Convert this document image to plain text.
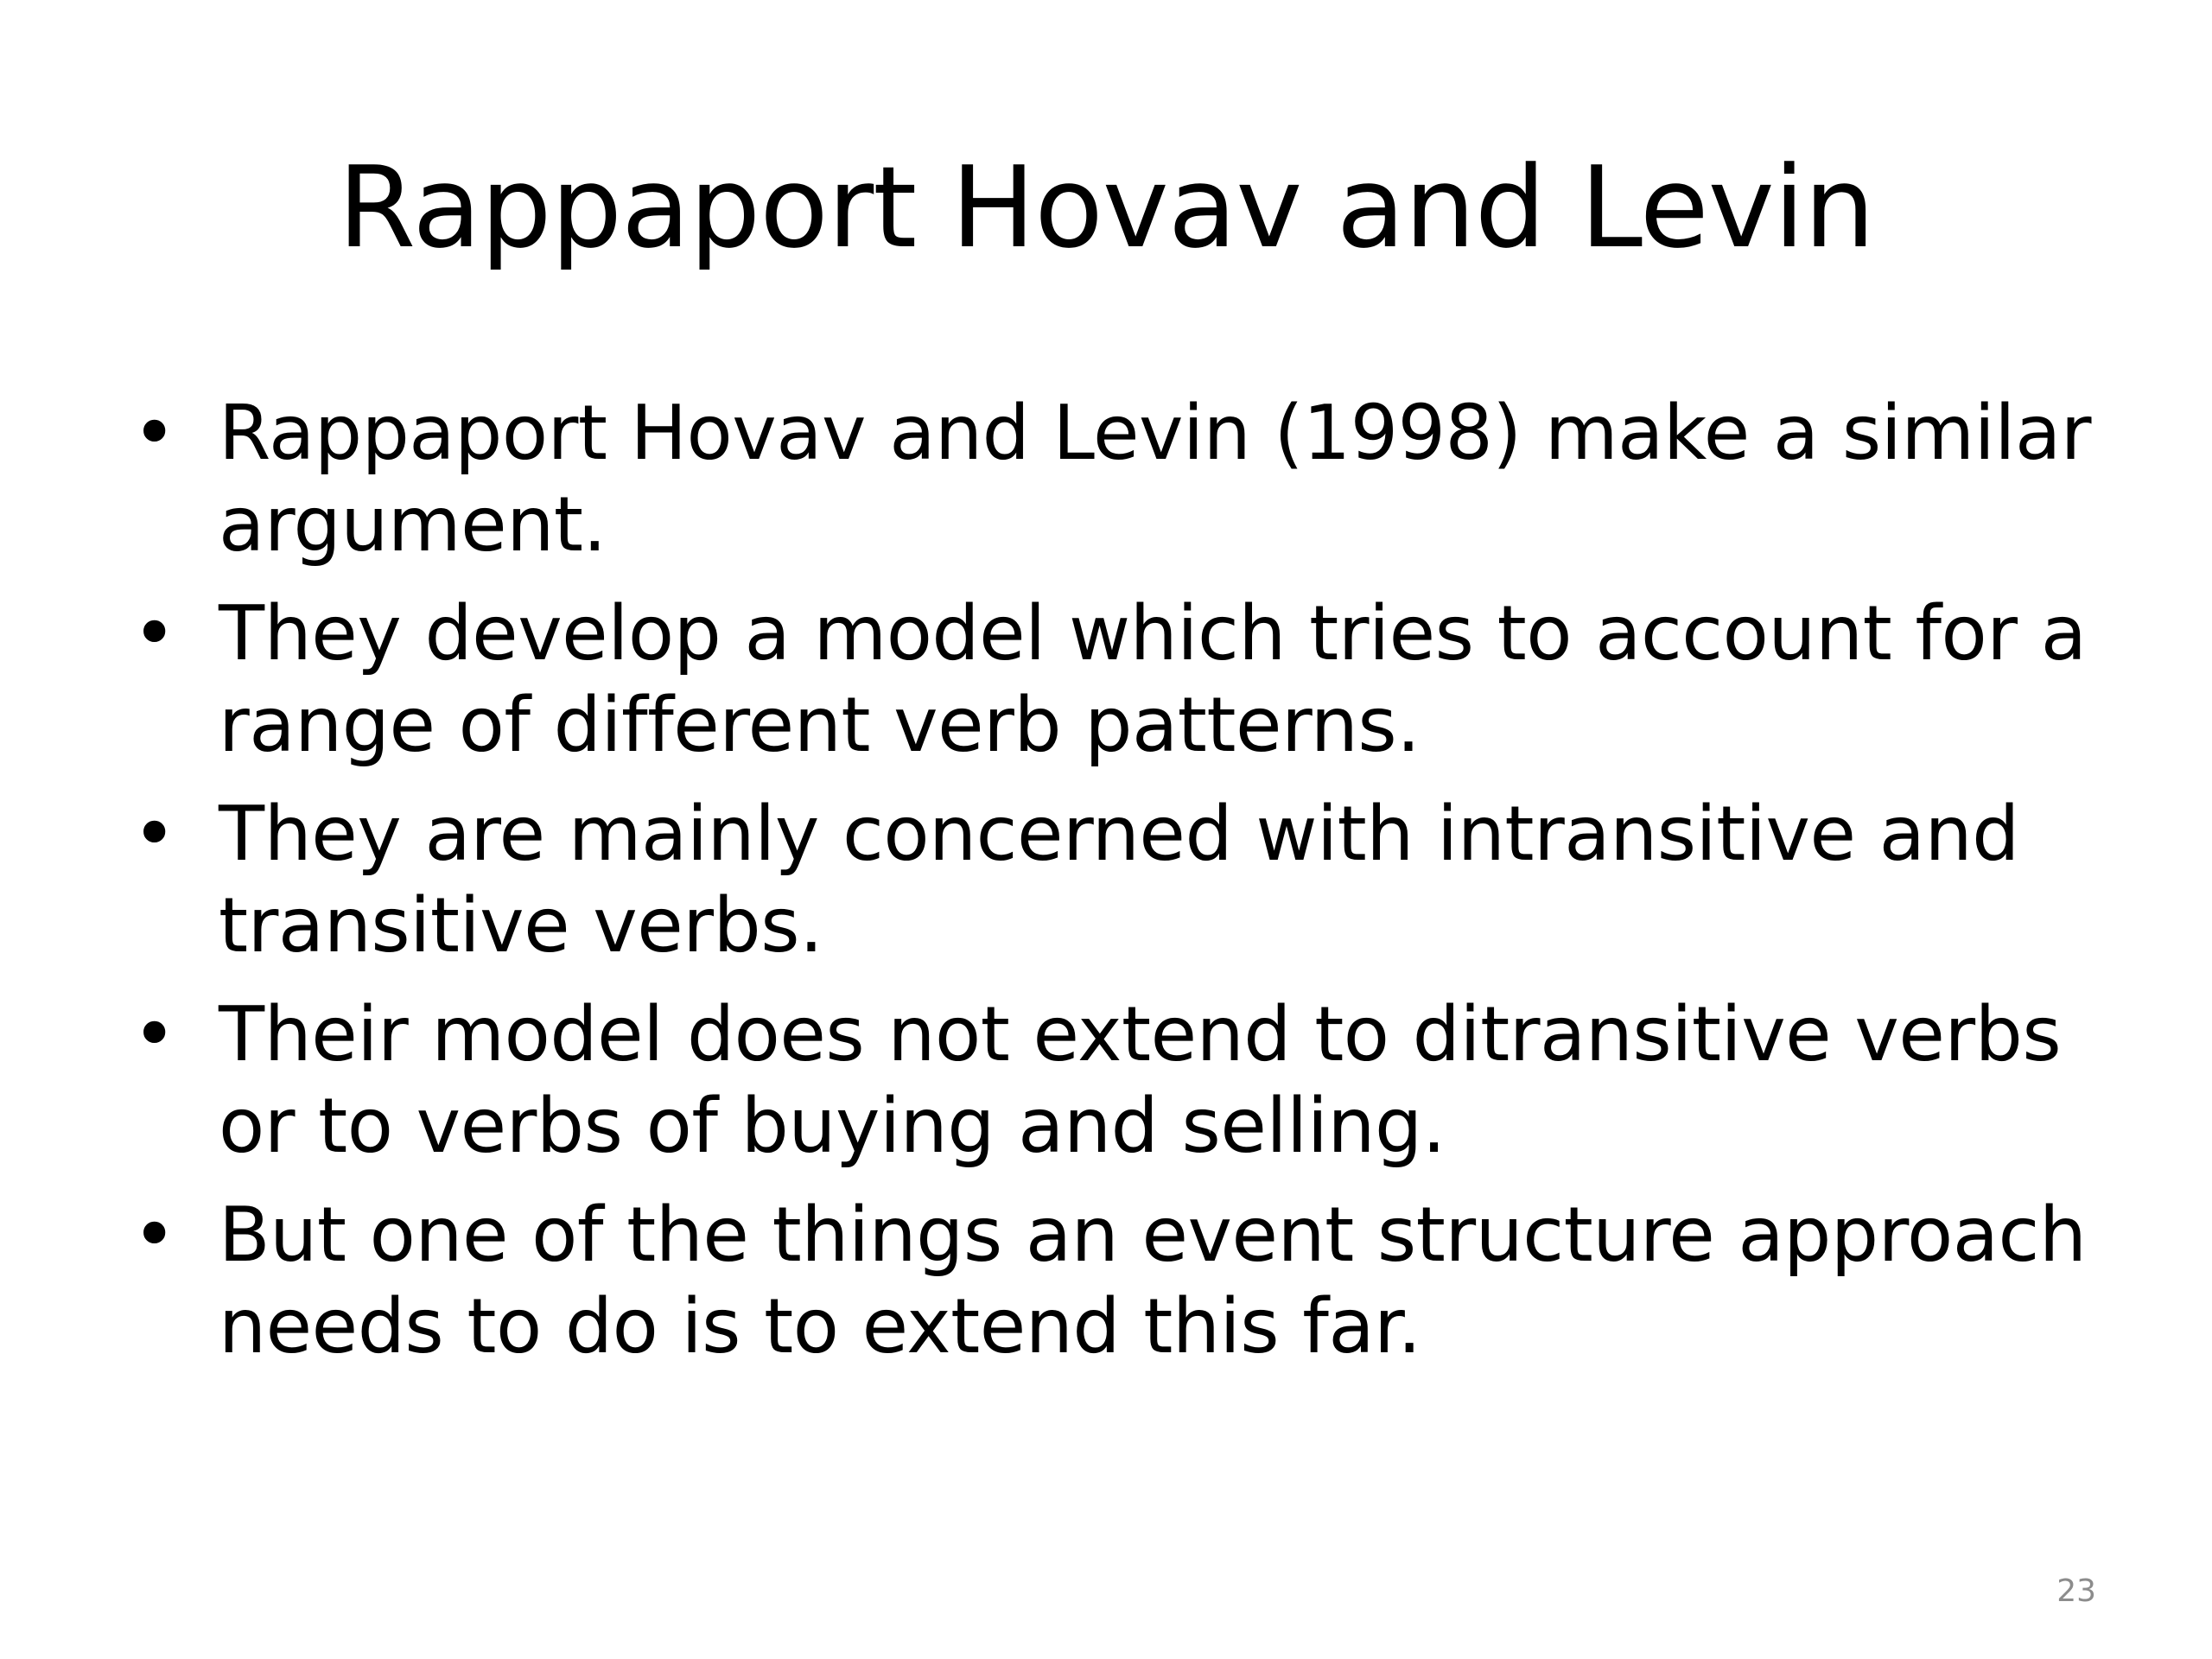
Rappaport Hovav and Levin
• Rappaport Hovav and Levin (1998) make a similar argument.
• They develop a model which tries to account for a range of different verb patterns.
• They are mainly concerned with intransitive and transitive verbs.
• Their model does not extend to ditransitive verbs or to verbs of buying and selling.
• But one of the things an event structure approach needs to do is to extend this far.
23
